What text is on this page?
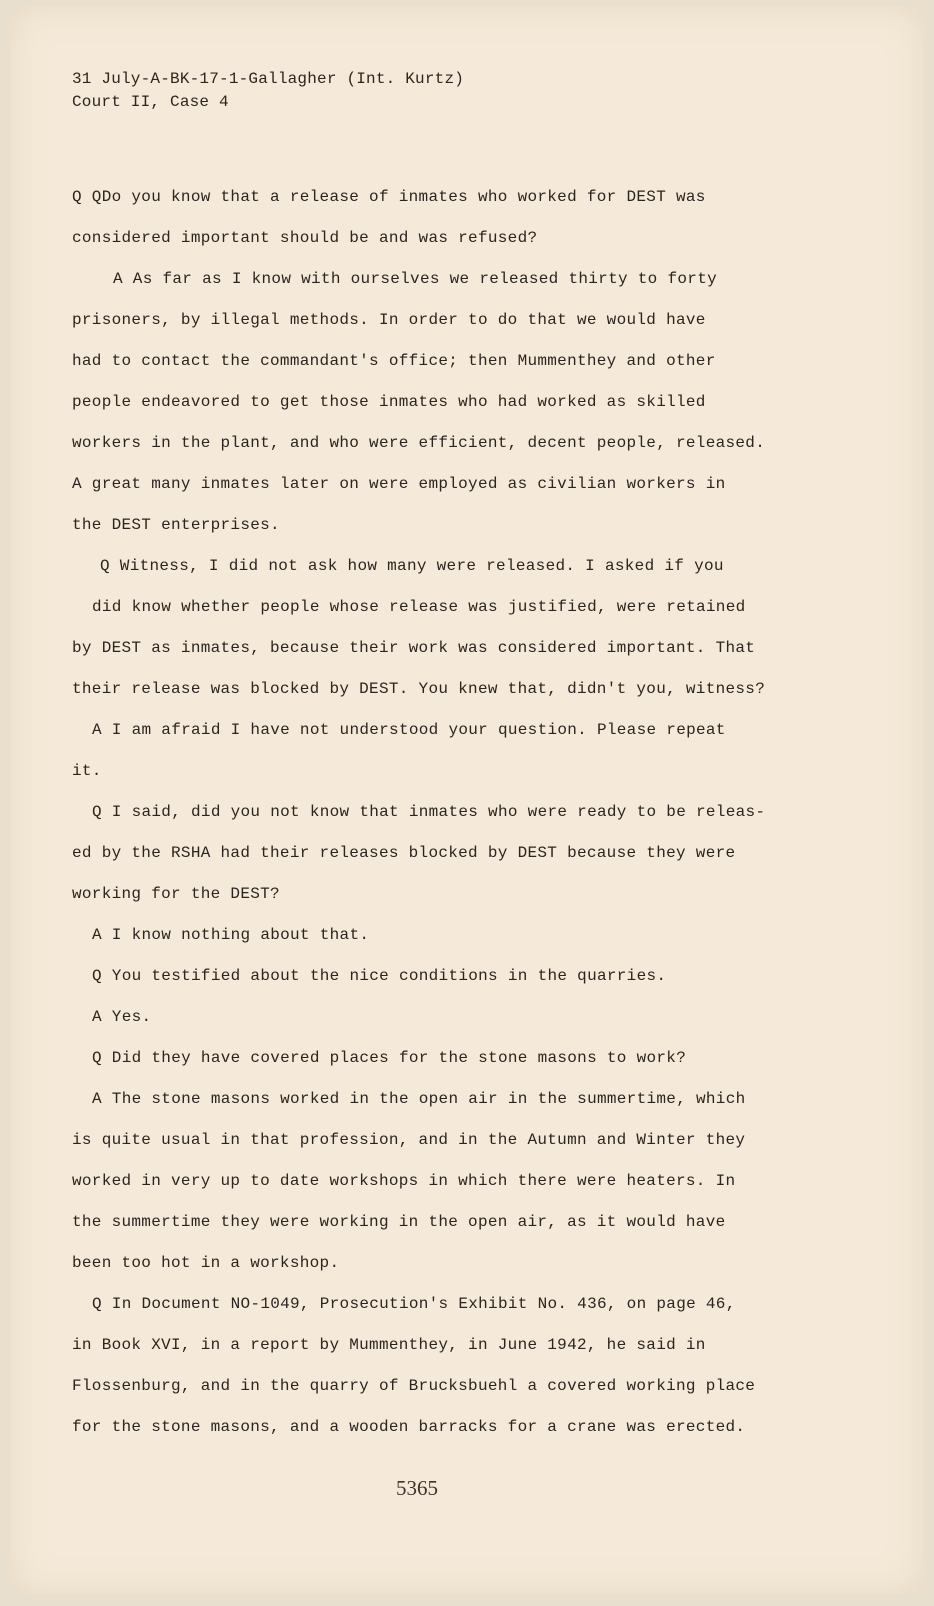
31 July-A-BK-17-1-Gallagher (Int. Kurtz)
Court II, Case 4
Q QDo you know that a release of inmates who worked for DEST was
considered important should be and was refused?
A As far as I know with ourselves we released thirty to forty
prisoners, by illegal methods. In order to do that we would have
had to contact the commandant's office; then Mummenthey and other
people endeavored to get those inmates who had worked as skilled
workers in the plant, and who were efficient, decent people, released.
A great many inmates later on were employed as civilian workers in
the DEST enterprises.
Q Witness, I did not ask how many were released. I asked if you
did know whether people whose release was justified, were retained
by DEST as inmates, because their work was considered important. That
their release was blocked by DEST. You knew that, didn't you, witness?
A I am afraid I have not understood your question. Please repeat
it.
Q I said, did you not know that inmates who were ready to be releas-
ed by the RSHA had their releases blocked by DEST because they were
working for the DEST?
A I know nothing about that.
Q You testified about the nice conditions in the quarries.
A Yes.
Q Did they have covered places for the stone masons to work?
A The stone masons worked in the open air in the summertime, which
is quite usual in that profession, and in the Autumn and Winter they
worked in very up to date workshops in which there were heaters. In
the summertime they were working in the open air, as it would have
been too hot in a workshop.
Q In Document NO-1049, Prosecution's Exhibit No. 436, on page 46,
in Book XVI, in a report by Mummenthey, in June 1942, he said in
Flossenburg, and in the quarry of Brucksbuehl a covered working place
for the stone masons, and a wooden barracks for a crane was erected.
5365
